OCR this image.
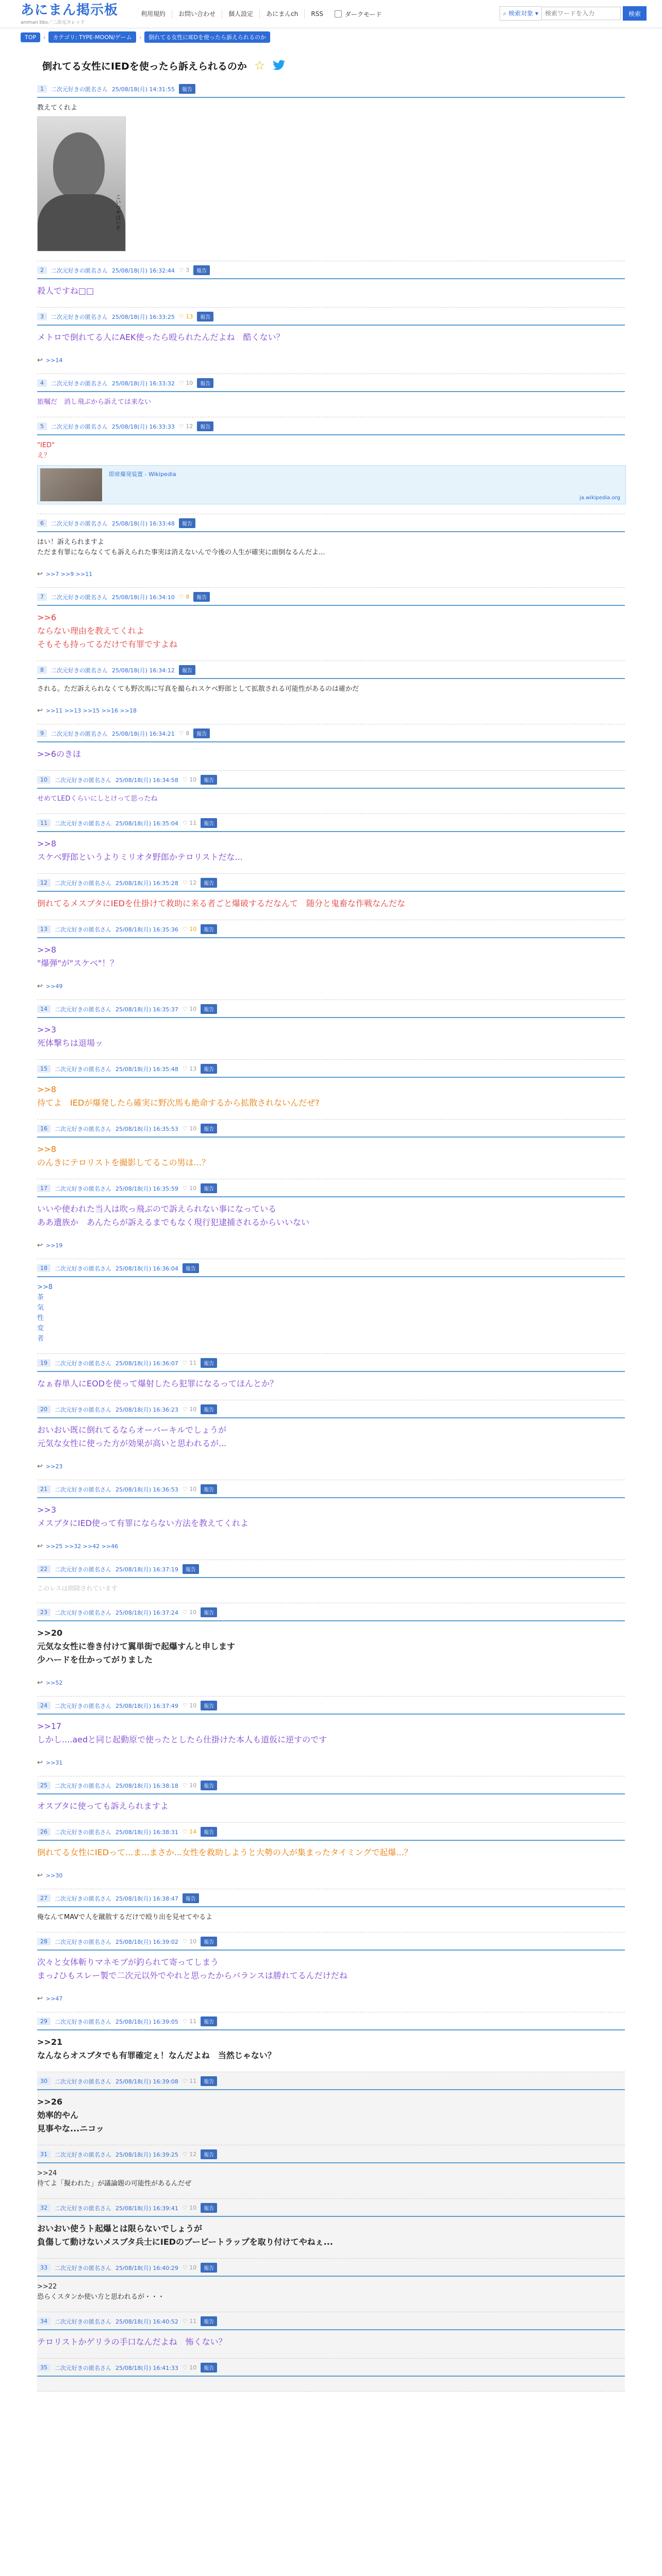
あにまん掲示板
animan bbs／二次元スレッド
利用規約	お問い合わせ	個人設定	あにまんch	RSS	ダークモード	⌕ 検索対象 ▾
検索ワードを入力	検索
TOP	›	カテゴリ: TYPE-MOON/ゲーム	›	倒れてる女性にIEDを使ったら訴えられるのか
倒れてる女性にIEDを使ったら訴えられるのか ☆
1	二次元好きの匿名さん 25/08/18(月) 14:31:55	報告
教えてくれよ
こいつやばいぞ
2	二次元好きの匿名さん 25/08/18(月) 16:32:44 ♡ 3	報告
殺人ですね□□
3	二次元好きの匿名さん 25/08/18(月) 16:33:25 ♡ 13	報告
メトロで倒れてる人にAEK使ったら殴られたんだよね　酷くない？
↩ >>14
4	二次元好きの匿名さん 25/08/18(月) 16:33:32 ♡ 10	報告
旅嘱だ　消し飛ぶから訴えては来ない
5	二次元好きの匿名さん 25/08/18(月) 16:33:33 ♡ 12	報告
"IED"
え？
即席爆発装置 - Wikipedia
ja.wikipedia.org
6	二次元好きの匿名さん 25/08/18(月) 16:33:48	報告
はい！訴えられますよ
ただま有罪にならなくても訴えられた事実は消えないんで今後の人生が確実に面倒なるんだよ...
↩ >>7 >>9 >>11
7	二次元好きの匿名さん 25/08/18(月) 16:34:10 ♡ 8	報告
>>6
ならない理由を教えてくれよ
そもそも持ってるだけで有罪ですよね
8	二次元好きの匿名さん 25/08/18(月) 16:34:12	報告
される。ただ訴えられなくても野次馬に写真を撮られスケベ野郎として拡散される可能性があるのは確かだ
↩ >>11 >>13 >>15 >>16 >>18
9	二次元好きの匿名さん 25/08/18(月) 16:34:21 ♡ 8	報告
>>6のきほ
10	二次元好きの匿名さん 25/08/18(月) 16:34:58 ♡ 10	報告
せめてLEDくらいにしとけって思ったね
11	二次元好きの匿名さん 25/08/18(月) 16:35:04 ♡ 11	報告
>>8
スケベ野郎というよりミリオタ野郎かテロリストだな...
12	二次元好きの匿名さん 25/08/18(月) 16:35:28 ♡ 12	報告
倒れてるメスブタにIEDを仕掛けて救助に来る者ごと爆破するだなんて　随分と鬼畜な作戦なんだな
13	二次元好きの匿名さん 25/08/18(月) 16:35:36 ♡ 10	報告
>>8
"爆弾"が"スケベ"！？
↩ >>49
14	二次元好きの匿名さん 25/08/18(月) 16:35:37 ♡ 10	報告
>>3
死体撃ちは退場ッ
15	二次元好きの匿名さん 25/08/18(月) 16:35:48 ♡ 13	報告
>>8
待てよ　IEDが爆発したら確実に野次馬も絶命するから拡散されないんだぜ?
16	二次元好きの匿名さん 25/08/18(月) 16:35:53 ♡ 10	報告
>>8
のんきにテロリストを撮影してるこの男は...？
17	二次元好きの匿名さん 25/08/18(月) 16:35:59 ♡ 10	報告
いいや使われた当人は吹っ飛ぶので訴えられない事になっている
ああ遺族か　あんたらが訴えるまでもなく現行犯逮捕されるからいいない
↩ >>19
18	二次元好きの匿名さん 25/08/18(月) 16:36:04	報告
>>8
茶
気
性
変
者
19	二次元好きの匿名さん 25/08/18(月) 16:36:07 ♡ 11	報告
なぁ春単人にEODを使って爆射したら犯罪になるってほんとか？
20	二次元好きの匿名さん 25/08/18(月) 16:36:23 ♡ 10	報告
おいおい既に倒れてるならオーバーキルでしょうが
元気な女性に使った方が効果が高いと思われるが...
↩ >>23
21	二次元好きの匿名さん 25/08/18(月) 16:36:53 ♡ 10	報告
>>3
メスブタにIED使って有罪にならない方法を教えてくれよ
↩ >>25 >>32 >>42 >>46
22	二次元好きの匿名さん 25/08/18(月) 16:37:19	報告
このレスは削除されています
23	二次元好きの匿名さん 25/08/18(月) 16:37:24 ♡ 10	報告
>>20
元気な女性に巻き付けて翼単街で起爆すんと申します
少ハードを仕かってがりました
↩ >>52
24	二次元好きの匿名さん 25/08/18(月) 16:37:49 ♡ 10	報告
>>17
しかし....aedと同じ起動原で使ったとしたら仕掛けた本人も道仮に逆すのです
↩ >>31
25	二次元好きの匿名さん 25/08/18(月) 16:38:18 ♡ 10	報告
オスブタに使っても訴えられますよ
26	二次元好きの匿名さん 25/08/18(月) 16:38:31 ♡ 14	報告
倒れてる女性にIEDって...ま...まさか...女性を救助しようと大勢の人が集まったタイミングで起爆...？
↩ >>30
27	二次元好きの匿名さん 25/08/18(月) 16:38:47	報告
俺なんてMAVで人を蹴散するだけで殴り出を見せてやるよ
28	二次元好きの匿名さん 25/08/18(月) 16:39:02 ♡ 10	報告
次々と女体斬りマネモブが釣られて寄ってしまう
まっ♪ひもスレー製で二次元以外でやれと思ったからバランスは勝れてるんだけだね
↩ >>47
29	二次元好きの匿名さん 25/08/18(月) 16:39:05 ♡ 11	報告
>>21
なんならオスブタでも有罪確定ぇ！なんだよね　当然じゃない？
30	二次元好きの匿名さん 25/08/18(月) 16:39:08 ♡ 11	報告
>>26
効率的やん
見事やな...ニコッ
31	二次元好きの匿名さん 25/08/18(月) 16:39:25 ♡ 12	報告
>>24
待てよ「擬われた」が議論題の可能性があるんだぜ
32	二次元好きの匿名さん 25/08/18(月) 16:39:41 ♡ 10	報告
おいおい使うト起爆とは限らないでしょうが
負傷して動けないメスブタ兵士にIEDのブービートラップを取り付けてやねぇ...
33	二次元好きの匿名さん 25/08/18(月) 16:40:29 ♡ 10	報告
>>22
恐らくスタンか使い方と思われるが・・・
34	二次元好きの匿名さん 25/08/18(月) 16:40:52 ♡ 11	報告
テロリストかゲリラの手口なんだよね　怖くない？
35	二次元好きの匿名さん 25/08/18(月) 16:41:33 ♡ 10	報告
